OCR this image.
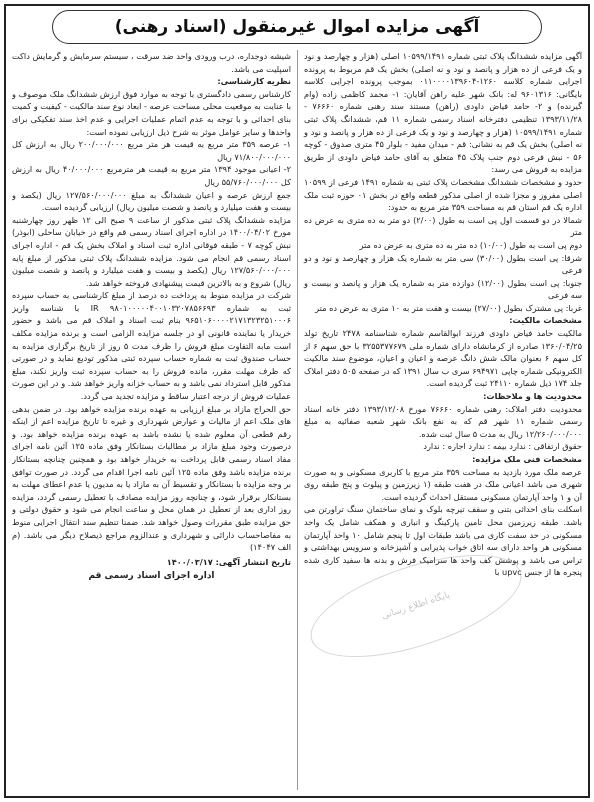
آگهی مزایده اموال غیرمنقول (اسناد رهنی)

آگهی مزایده ششدانگ پلاک ثبتی شماره ۱۰۵۹۹/۱۴۹۱ اصلی (هزار و چهارصد و نود و یک فرعی از ده هزار و پانصد و نود و نه اصلی) بخش یک قم مربوط به پرونده اجرایی شماره کلاسه ۱۲۶۰-۰۱۱۰۰۰۰۱۳۹۶۰۴ بموجب پرونده اجرایی کلاسه بایگانی: ۹۶۰۱۳۱۶ له: بانک شهر علیه راهن آقایان: ۱- محمد کاظمی زاده (وام گیرنده) و ۲- حامد فیاض داودی (راهن) مستند سند رهنی شماره ۷۶۶۶۰ - ۱۳۹۳/۱۱/۲۸ تنظیمی دفترخانه اسناد رسمی شماره ۱۱ قم، ششدانگ پلاک ثبتی شماره ۱۰۵۹۹/۱۴۹۱ (هزار و چهارصد و نود و یک فرعی از ده هزار و پانصد و نود و نه اصلی) بخش یک قم به نشانی: قم - میدان مفید - بلوار ۴۵ متری صدوق - کوچه ۵۶ - نبش فرعی دوم جنب پلاک ۴۵ متعلق به آقای حامد فیاض داودی از طریق مزایده به فروش می رسد:

حدود و مشخصات ششدانگ مشخصات پلاک ثبتی به شماره ۱۴۹۱ فرعی از ۱۰۵۹۹ اصلی مفروز و مجزا شده از اصلی مذکور قطعه واقع در بخش ۰۱ حوزه ثبت ملک اداره یک قم استان قم به مساحت ۳۵۹ متر مربع به حدود:

شمالا در دو قسمت اول پی است به طول (۲/۰۰) دو متر به ده متری به عرض ده متر

دوم پی است به طول (۱۰/۰۰) ده متر به ده متری به عرض ده متر

شرقا: پی است بطول (۳۰/۰۰) سی متر به شماره یک هزار و چهارصد و نود و دو فرعی

جنوبا: پی است بطول (۱۲/۰۰) دوازده متر به شماره یک هزار و پانصد و بیست و سه فرعی

غربا: پی مشترک بطول (۲۷/۰۰) بیست و هفت متر به ۱۰ متری به عرض ده متر

مشخصات مالکیت:

مالکیت حامد فیاض داودی فرزند ابوالقاسم شماره شناسنامه ۲۴۷۸ تاریخ تولد ۱۳۶۰/۰۴/۲۵ صادره از کرمانشاه دارای شماره ملی ۳۲۵۵۳۷۷۶۷۹ با حق سهم ۶ از کل سهم ۶ بعنوان مالک شش دانگ عرصه و اعیان و اعیان، موضوع سند مالکیت الکترونیکی شماره چاپی ۶۹۴۹۷۱ سری ب سال ۱۳۹۱ که در صفحه ۵۰۵ دفتر املاک جلد ۱۷۴ ذیل شماره ۲۴۱۱۰ ثبت گردیده است.

محدودیت ها و ملاحظات:

محدودیت دفتر املاک: رهنی شماره ۷۶۶۶۰ مورخ ۱۳۹۳/۱۲/۰۸ دفتر خانه اسناد رسمی شماره ۱۱ شهر قم که به نفع بانک شهر شعبه صفائیه به مبلغ ۱۲/۲۶۰/۰۰۰/۰۰۰ ریال به مدت ۵ سال ثبت شده.

حقوق ارتفاقی : ندارد بیمه : ندارد اجاره : ندارد

مشخصات فنی ملک مزایده:

عرصه ملک مورد بازدید به مساحت ۳۵۹ متر مربع با کاربری مسکونی و به صورت شهری می باشد اعیانی ملک در هفت طبقه (۱ زیرزمین و پیلوت و پنج طبقه روی آن و ۱ واحد آپارتمان مسکونی مستقل احداث گردیده است.

اسکلت بنای احداثی بتنی و سقف تیرچه بلوک و نمای ساختمان سنگ تراورتن می باشد. طبقه زیرزمین محل تامین پارکینگ و انباری و همکف شامل یک واحد مسکونی در حد سفت کاری می باشد طبقات اول تا پنجم شامل ۱۰ واحد آپارتمان مسکونی هر واحد دارای سه اتاق خواب پذیرایی و آشپزخانه و سرویس بهداشتی و تراس می باشد و پوشش کف واحد ها سرامیک فرش و بدنه ها سفید کاری شده پنجره ها از جنس upvc با

شیشه دوجداره، درب ورودی واحد ضد سرقت ، سیستم سرمایش و گرمایش داکت اسپلیت می باشد.

نظریه کارشناسی:

کارشناس رسمی دادگستری با توجه به موارد فوق ارزش ششدانگ ملک موصوف و با عنایت به موقعیت محلی مساحت عرصه - ابعاد نوع سند مالکیت - کیفیت و کمیت بنای احداثی و با توجه به عدم اتمام عملیات اجرایی و عدم اخذ سند تفکیکی برای واحدها و سایر عوامل موثر به شرح ذیل ارزیابی نموده است:

۱- عرصه ۳۵۹ متر مربع به قیمت هر متر مربع ۲۰۰/۰۰۰/۰۰۰ ریال به ارزش کل ۷۱/۸۰۰/۰۰۰/۰۰۰ ریال

۲- اعیانی موجود ۱۳۹۴ متر مربع به قیمت هر مترمربع ۴۰/۰۰۰/۰۰۰ ریال به ارزش کل ۵۵/۷۶۰/۰۰۰/۰۰۰ ریال

جمع ارزش عرصه و اعیان ششدانگ به مبلغ ۱۲۷/۵۶۰/۰۰۰/۰۰۰ ریال (یکصد و بیست و هفت میلیارد و پانصد و شصت میلیون ریال) ارزیابی گردیده است.

مزایده ششدانگ پلاک ثبتی مذکور از ساعت ۹ صبح الی ۱۲ ظهر روز چهارشنبه مورخ ۱۴۰۰/۰۴/۰۲ در اداره اجرای اسناد رسمی قم واقع در خیابان ساحلی (ابوذر) نبش کوچه ۷ - طبقه فوقانی اداره ثبت اسناد و املاک بخش یک قم - اداره اجرای اسناد رسمی قم انجام می شود. مزایده ششدانگ پلاک ثبتی مذکور از مبلغ پایه ۱۲۷/۵۶۰/۰۰۰/۰۰۰ ریال (یکصد و بیست و هفت میلیارد و پانصد و شصت میلیون ریال) شروع و به بالاترین قیمت پیشنهادی فروخته خواهد شد.

شرکت در مزایده منوط به پرداخت ده درصد از مبلغ کارشناسی به حساب سپرده ثبت به شماره IR ۹۸۰۱۰۰۰۰۰۴۰۰۱۰۳۲۰۷۸۵۶۶۹۳ با شناسه واریز ۹۶۵۱۰۶۰۰۰۰۲۱۷۱۳۲۳۲۵۱۰۰۰۶ بنام ثبت اسناد و املاک قم می باشد و حضور خریدار یا نماینده قانونی او در جلسه مزایده الزامی است و برنده مزایده مکلف است مابه التفاوت مبلغ فروش را ظرف مدت ۵ روز از تاریخ برگزاری مزایده به حساب صندوق ثبت به شماره حساب سپرده ثبتی مذکور تودیع نماید و در صورتی که ظرف مهلت مقرر، مانده فروش را به حساب سپرده ثبت واریز نکند، مبلغ مذکور قابل استرداد نمی باشد و به حساب خزانه واریز خواهد شد. و در این صورت عملیات فروش از درجه اعتبار ساقط و مزایده تجدید می گردد.

حق الحراج مازاد بر مبلغ ارزیابی به عهده برنده مزایده خواهد بود. در ضمن بدهی های ملک اعم از مالیات و عوارض شهرداری و غیره تا تاریخ مزایده اعم از اینکه رقم قطعی آن معلوم شده یا نشده باشد به عهده برنده مزایده خواهد بود. و درصورت وجود مبلغ مازاد بر مطالبات بستانکار وفق ماده ۱۲۵ آئین نامه اجرای مفاد اسناد رسمی قابل پرداخت به خریدار خواهد بود و همچنین چنانچه بستانکار برنده مزایده باشد وفق ماده ۱۲۵ آئین نامه اجرا اقدام می گردد. در صورت توافق بر وجه مزایده با بستانکار و تقسیط آن به مازاد یا به مدیون یا عدم اعطای مهلت به بستانکار برقرار شود، و چنانچه روز مزایده مصادف با تعطیل رسمی گردد، مزایده روز اداری بعد از تعطیل در همان محل و ساعت انجام می شود و حقوق دولتی و حق مزایده طبق مقررات وصول خواهد شد. ضمنا تنظیم سند انتقال اجرایی منوط به مفاصاحساب دارائی و شهرداری و عندالزوم مراجع ذیصلاح دیگر می باشد. (م الف ۱۴۰۴۷)

تاریخ انتشار آگهی: ۱۴۰۰/۰۳/۱۷

اداره اجرای اسناد رسمی قم

پایگاه اطلاع رسانی
